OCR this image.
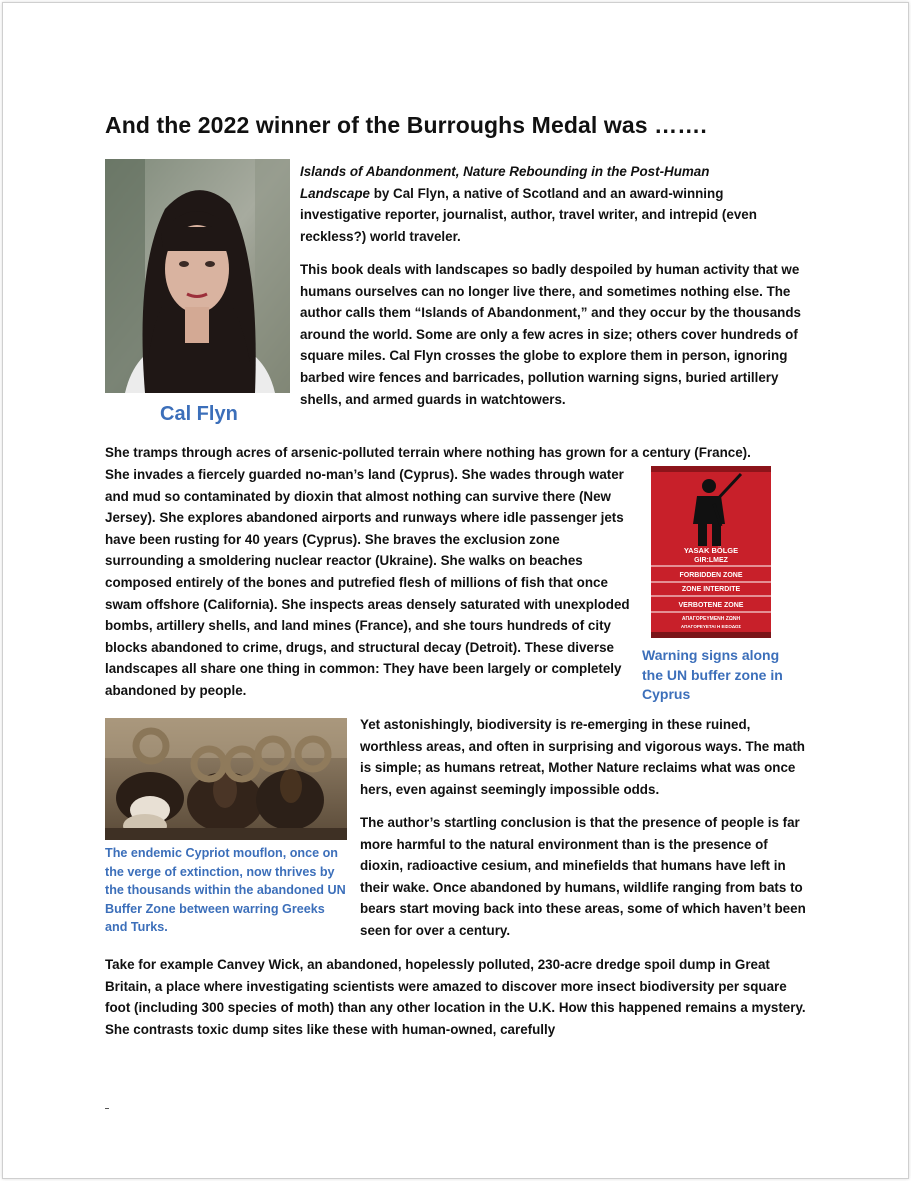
And the 2022 winner of the Burroughs Medal was …….

Cal Flyn

Islands of Abandonment, Nature Rebounding in the Post-Human
Landscape by Cal Flyn, a native of Scotland and an award-winning
investigative reporter, journalist, author, travel writer, and intrepid (even
reckless?) world traveler.

This book deals with landscapes so badly despoiled by human activity that we humans ourselves can no longer live there, and sometimes nothing else. The author calls them “Islands of Abandonment,” and they occur by the thousands around the world. Some are only a few acres in size; others cover hundreds of square miles. Cal Flyn crosses the globe to explore them in person, ignoring barbed wire fences and barricades, pollution warning signs, buried artillery shells, and armed guards in watchtowers.

She tramps through acres of arsenic-polluted terrain where nothing has grown for a century (France).

She invades a fiercely guarded no-man’s land (Cyprus). She wades through water and mud so contaminated by dioxin that almost nothing can survive there (New Jersey). She explores abandoned airports and runways where idle passenger jets have been rusting for 40 years (Cyprus). She braves the exclusion zone surrounding a smoldering nuclear reactor (Ukraine). She walks on beaches composed entirely of the bones and putrefied flesh of millions of fish that once swam offshore (California). She inspects areas densely saturated with unexploded bombs, artillery shells, and land mines (France), and she tours hundreds of city blocks abandoned to crime, drugs, and structural decay (Detroit). These diverse landscapes all share one thing in common: They have been largely or completely abandoned by people.

YASAK BÖLGE
GIR:LMEZ
FORBIDDEN ZONE
ZONE INTERDITE
VERBOTENE ZONE
ΑΠΑΓΟΡΕΥΜΕΝΗ ΖΩΝΗ
ΑΠΑΓΟΡΕΥΕΤΑΙ Η ΕΙΣΟΔΟΣ

Warning signs along the UN buffer zone in Cyprus

The endemic Cypriot mouflon, once on the verge of extinction, now thrives by the thousands within the abandoned UN Buffer Zone between warring Greeks and Turks.

Yet astonishingly, biodiversity is re-emerging in these ruined, worthless areas, and often in surprising and vigorous ways. The math is simple; as humans retreat, Mother Nature reclaims what was once hers, even against seemingly impossible odds.

The author’s startling conclusion is that the presence of people is far more harmful to the natural environment than is the presence of dioxin, radioactive cesium, and minefields that humans have left in their wake. Once abandoned by humans, wildlife ranging from bats to bears start moving back into these areas, some of which haven’t been seen for over a century.

Take for example Canvey Wick, an abandoned, hopelessly polluted, 230-acre dredge spoil dump in Great Britain, a place where investigating scientists were amazed to discover more insect biodiversity per square foot (including 300 species of moth) than any other location in the U.K. How this happened remains a mystery. She contrasts toxic dump sites like these with human-owned, carefully
